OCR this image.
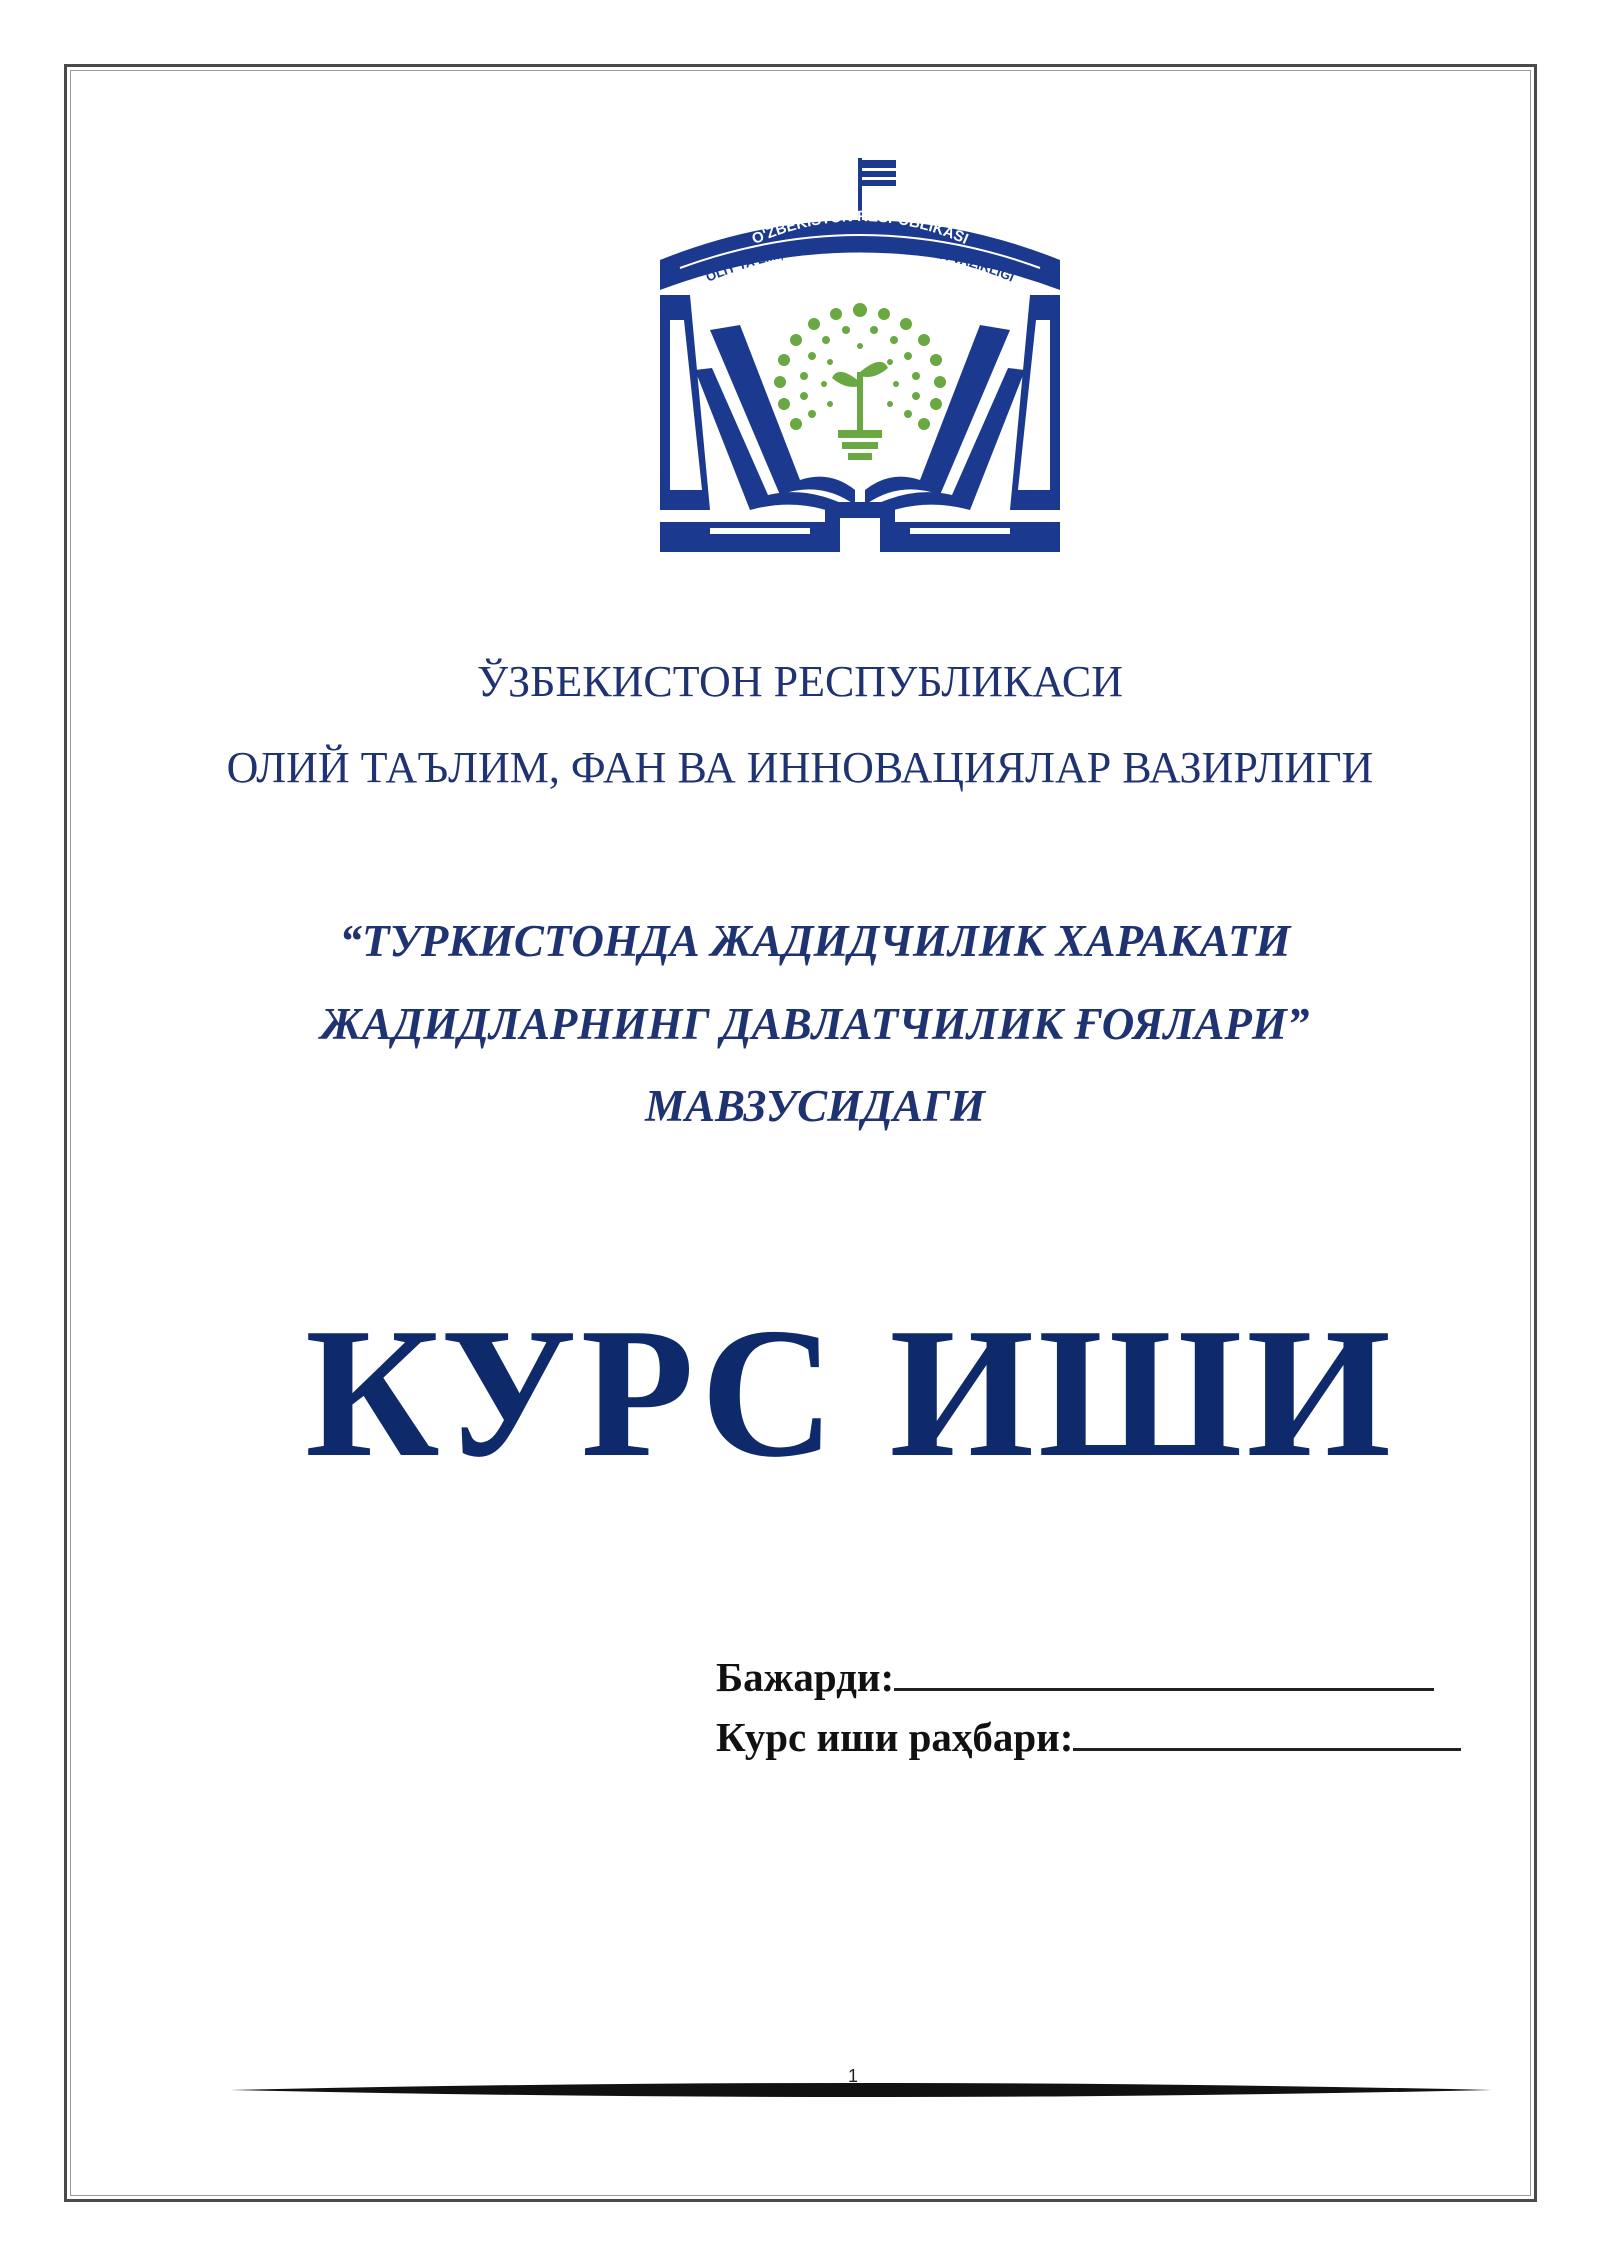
O'ZBEKISTON RESPUBLIKASI
OLIY TA'LIM, FAN VA INNOVATSIYALAR VAZIRLIGI
ЎЗБЕКИСТОН РЕСПУБЛИКАСИ
ОЛИЙ ТАЪЛИМ, ФАН ВА ИННОВАЦИЯЛАР ВАЗИРЛИГИ
“ТУРКИСТОНДА ЖАДИДЧИЛИК ХАРАКАТИ
ЖАДИДЛАРНИНГ ДАВЛАТЧИЛИК ҒОЯЛАРИ”
МАВЗУСИДАГИ
КУРС ИШИ
Бажарди:
Курс иши раҳбари:
1
